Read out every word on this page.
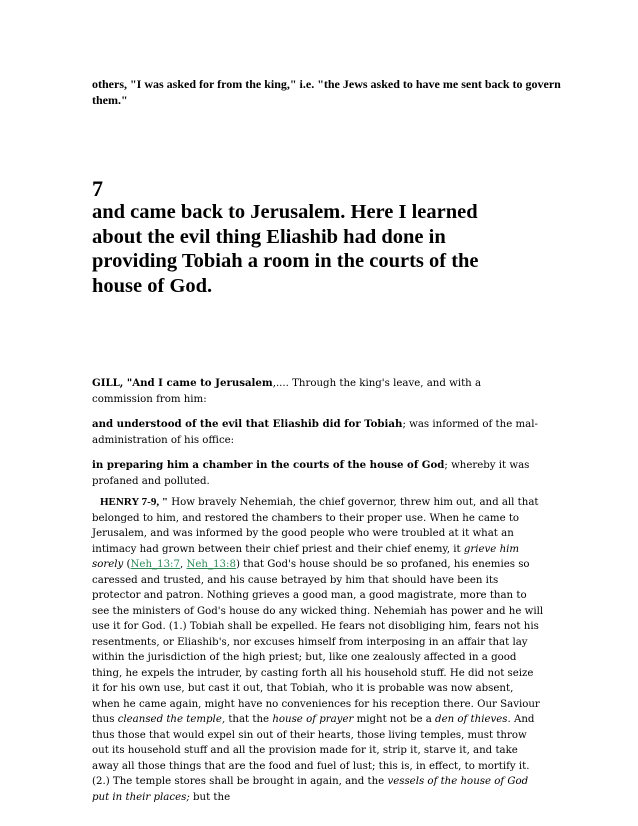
others, "I was asked for from the king," i.e. "the Jews asked to have me sent back to govern them."
7
and came back to Jerusalem. Here I learned about the evil thing Eliashib had done in providing Tobiah a room in the courts of the house of God.
GILL, "And I came to Jerusalem,.... Through the king's leave, and with a commission from him:
and understood of the evil that Eliashib did for Tobiah; was informed of the mal-administration of his office:
in preparing him a chamber in the courts of the house of God; whereby it was profaned and polluted.
HENRY 7-9, " How bravely Nehemiah, the chief governor, threw him out, and all that belonged to him, and restored the chambers to their proper use. When he came to Jerusalem, and was informed by the good people who were troubled at it what an intimacy had grown between their chief priest and their chief enemy, it grieve him sorely (Neh_13:7, Neh_13:8) that God's house should be so profaned, his enemies so caressed and trusted, and his cause betrayed by him that should have been its protector and patron. Nothing grieves a good man, a good magistrate, more than to see the ministers of God's house do any wicked thing. Nehemiah has power and he will use it for God. (1.) Tobiah shall be expelled. He fears not disobliging him, fears not his resentments, or Eliashib's, nor excuses himself from interposing in an affair that lay within the jurisdiction of the high priest; but, like one zealously affected in a good thing, he expels the intruder, by casting forth all his household stuff. He did not seize it for his own use, but cast it out, that Tobiah, who it is probable was now absent, when he came again, might have no conveniences for his reception there. Our Saviour thus cleansed the temple, that the house of prayer might not be a den of thieves. And thus those that would expel sin out of their hearts, those living temples, must throw out its household stuff and all the provision made for it, strip it, starve it, and take away all those things that are the food and fuel of lust; this is, in effect, to mortify it. (2.) The temple stores shall be brought in again, and the vessels of the house of God put in their places; but the
